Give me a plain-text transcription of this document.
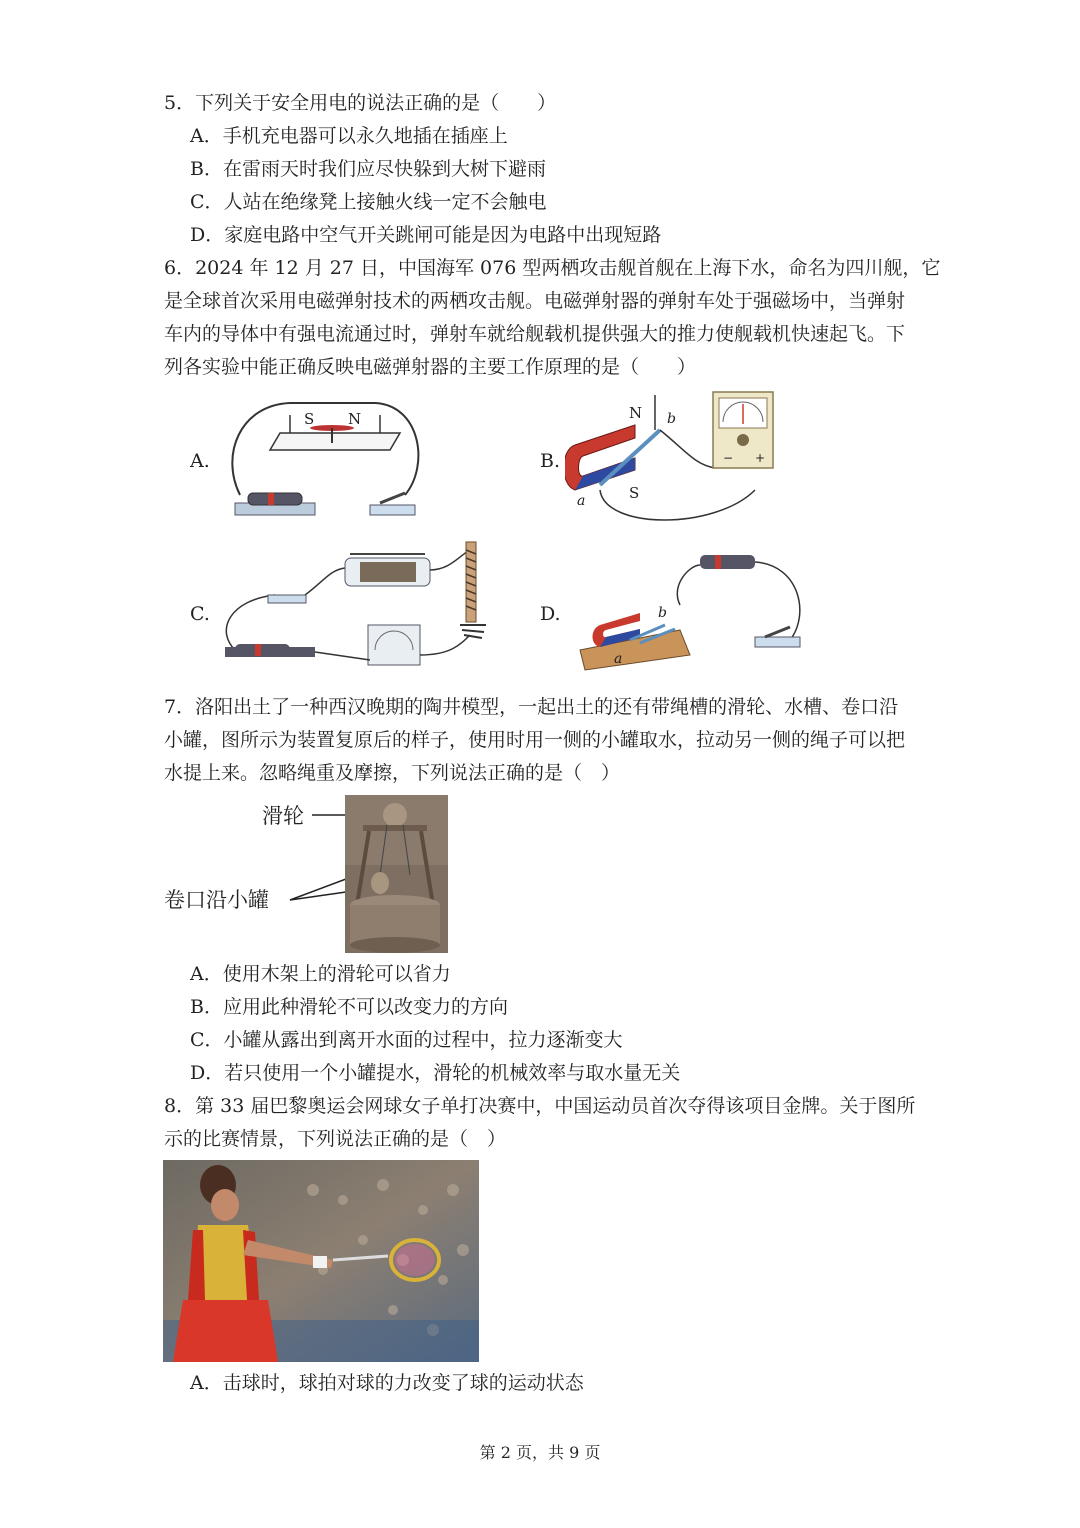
5．下列关于安全用电的说法正确的是（　　）
A．手机充电器可以永久地插在插座上
B．在雷雨天时我们应尽快躲到大树下避雨
C．人站在绝缘凳上接触火线一定不会触电
D．家庭电路中空气开关跳闸可能是因为电路中出现短路
6．2024 年 12 月 27 日，中国海军 076 型两栖攻击舰首舰在上海下水，命名为四川舰，它
是全球首次采用电磁弹射技术的两栖攻击舰。电磁弹射器的弹射车处于强磁场中，当弹射
车内的导体中有强电流通过时，弹射车就给舰载机提供强大的推力使舰载机快速起飞。下
列各实验中能正确反映电磁弹射器的主要工作原理的是（　　）
A.
S N
B.
N
S
a
b
− +
C.	D.	b
a
7．洛阳出土了一种西汉晚期的陶井模型，一起出土的还有带绳槽的滑轮、水槽、卷口沿
小罐，图所示为装置复原后的样子，使用时用一侧的小罐取水，拉动另一侧的绳子可以把
水提上来。忽略绳重及摩擦，下列说法正确的是（　）
滑轮
卷口沿小罐
A．使用木架上的滑轮可以省力
B．应用此种滑轮不可以改变力的方向
C．小罐从露出到离开水面的过程中，拉力逐渐变大
D．若只使用一个小罐提水，滑轮的机械效率与取水量无关
8．第 33 届巴黎奥运会网球女子单打决赛中，中国运动员首次夺得该项目金牌。关于图所
示的比赛情景，下列说法正确的是（　）
A．击球时，球拍对球的力改变了球的运动状态
第 2 页，共 9 页
